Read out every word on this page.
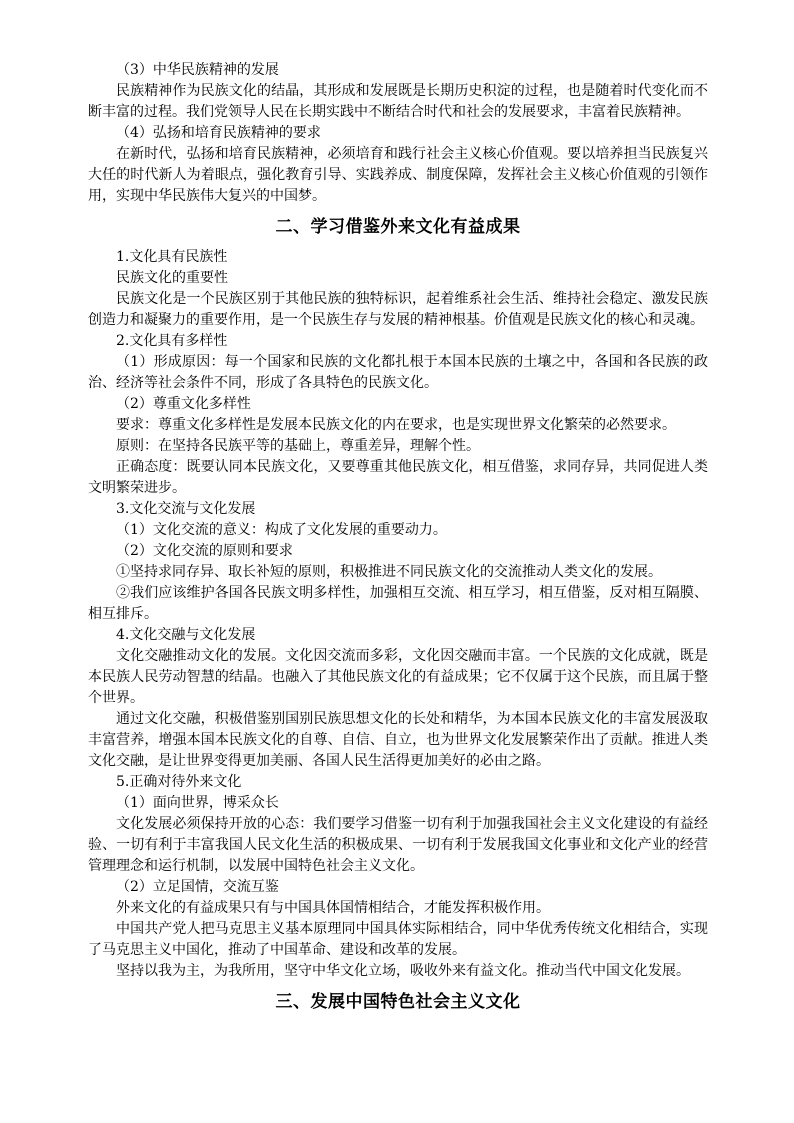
（3）中华民族精神的发展

民族精神作为民族文化的结晶，其形成和发展既是长期历史积淀的过程，也是随着时代变化而不断丰富的过程。我们党领导人民在长期实践中不断结合时代和社会的发展要求，丰富着民族精神。

（4）弘扬和培育民族精神的要求

在新时代，弘扬和培育民族精神，必须培育和践行社会主义核心价值观。要以培养担当民族复兴大任的时代新人为着眼点，强化教育引导、实践养成、制度保障，发挥社会主义核心价值观的引领作用，实现中华民族伟大复兴的中国梦。

二、学习借鉴外来文化有益成果

1.文化具有民族性

民族文化的重要性

民族文化是一个民族区别于其他民族的独特标识，起着维系社会生活、维持社会稳定、激发民族创造力和凝聚力的重要作用，是一个民族生存与发展的精神根基。价值观是民族文化的核心和灵魂。

2.文化具有多样性

（1）形成原因：每一个国家和民族的文化都扎根于本国本民族的土壤之中，各国和各民族的政治、经济等社会条件不同，形成了各具特色的民族文化。

（2）尊重文化多样性

要求：尊重文化多样性是发展本民族文化的内在要求，也是实现世界文化繁荣的必然要求。

原则：在坚持各民族平等的基础上，尊重差异，理解个性。

正确态度：既要认同本民族文化，又要尊重其他民族文化，相互借鉴，求同存异，共同促进人类文明繁荣进步。

3.文化交流与文化发展

（1）文化交流的意义：构成了文化发展的重要动力。

（2）文化交流的原则和要求

①坚持求同存异、取长补短的原则，积极推进不同民族文化的交流推动人类文化的发展。

②我们应该维护各国各民族文明多样性，加强相互交流、相互学习，相互借鉴，反对相互隔膜、相互排斥。

4.文化交融与文化发展

文化交融推动文化的发展。文化因交流而多彩，文化因交融而丰富。一个民族的文化成就，既是本民族人民劳动智慧的结晶。也融入了其他民族文化的有益成果；它不仅属于这个民族，而且属于整个世界。

通过文化交融，积极借鉴别国别民族思想文化的长处和精华，为本国本民族文化的丰富发展汲取丰富营养，增强本国本民族文化的自尊、自信、自立，也为世界文化发展繁荣作出了贡献。推进人类文化交融，是让世界变得更加美丽、各国人民生活得更加美好的必由之路。

5.正确对待外来文化

（1）面向世界，博采众长

文化发展必须保持开放的心态：我们要学习借鉴一切有利于加强我国社会主义文化建设的有益经验、一切有利于丰富我国人民文化生活的积极成果、一切有利于发展我国文化事业和文化产业的经营管理理念和运行机制，以发展中国特色社会主义文化。

（2）立足国情，交流互鉴

外来文化的有益成果只有与中国具体国情相结合，才能发挥积极作用。

中国共产党人把马克思主义基本原理同中国具体实际相结合，同中华优秀传统文化相结合，实现了马克思主义中国化，推动了中国革命、建设和改革的发展。

坚持以我为主，为我所用，坚守中华文化立场，吸收外来有益文化。推动当代中国文化发展。

三、发展中国特色社会主义文化
